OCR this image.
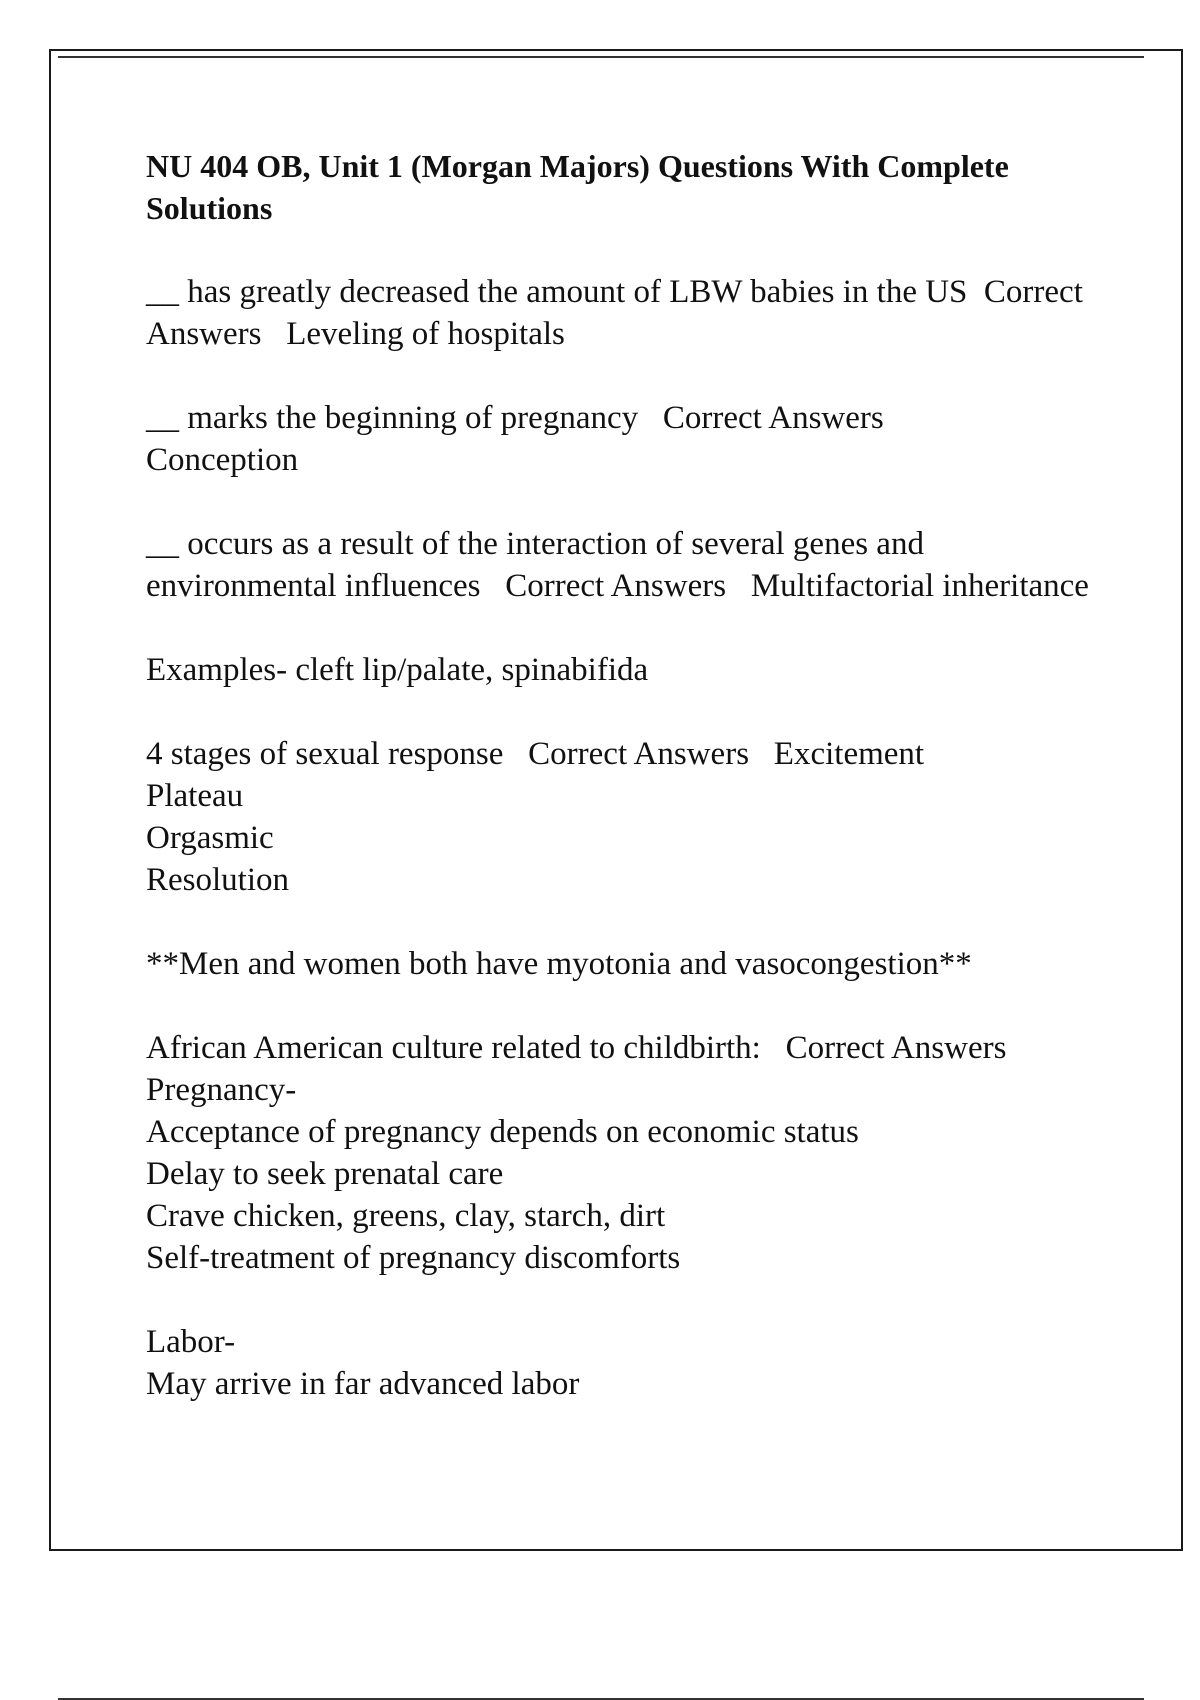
NU 404 OB, Unit 1 (Morgan Majors) Questions With Complete Solutions
__ has greatly decreased the amount of LBW babies in the US Correct Answers Leveling of hospitals
__ marks the beginning of pregnancy Correct Answers
Conception
__ occurs as a result of the interaction of several genes and environmental influences Correct Answers Multifactorial inheritance
Examples- cleft lip/palate, spinabifida
4 stages of sexual response Correct Answers Excitement
Plateau
Orgasmic
Resolution
**Men and women both have myotonia and vasocongestion**
African American culture related to childbirth: Correct Answers
Pregnancy-
Acceptance of pregnancy depends on economic status
Delay to seek prenatal care
Crave chicken, greens, clay, starch, dirt
Self-treatment of pregnancy discomforts
Labor-
May arrive in far advanced labor
